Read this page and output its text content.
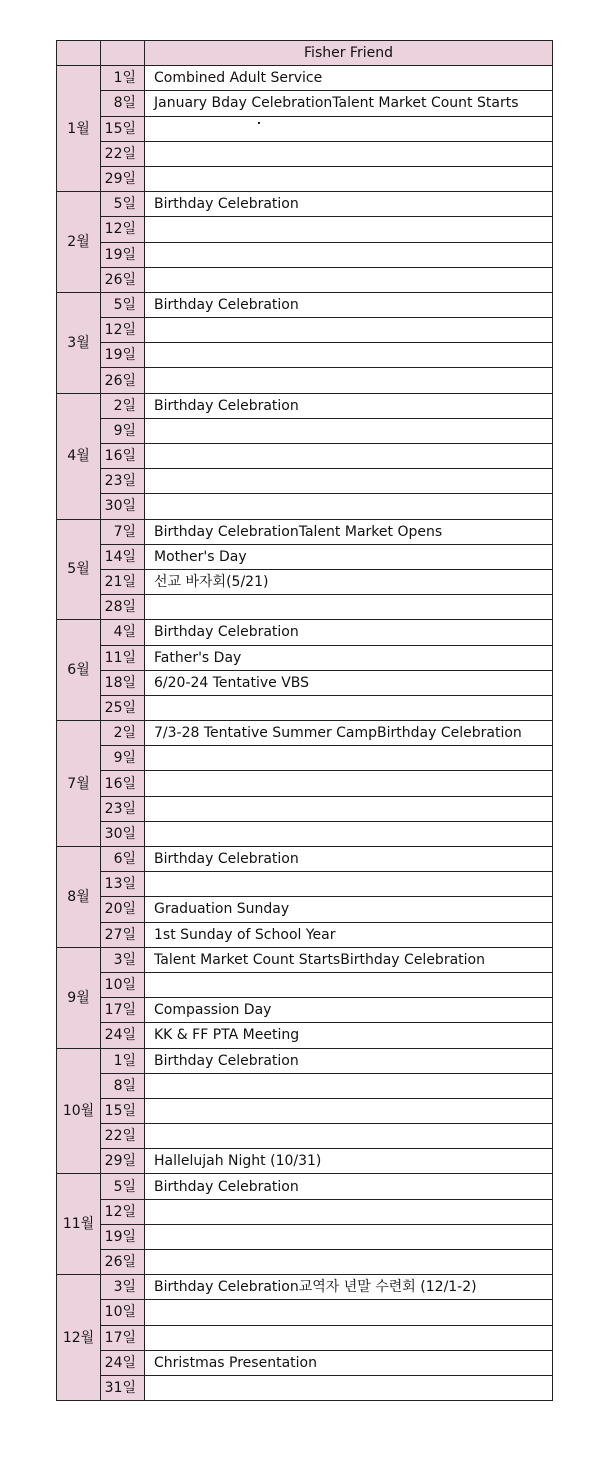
		Fisher Friend
1월	1일	Combined Adult Service
	8일	January Bday CelebrationTalent Market Count Starts
	15일	
	22일	
	29일	
2월	5일	Birthday Celebration
	12일	
	19일	
	26일	
3월	5일	Birthday Celebration
	12일	
	19일	
	26일	
4월	2일	Birthday Celebration
	9일	
	16일	
	23일	
	30일	
5월	7일	Birthday CelebrationTalent Market Opens
	14일	Mother's Day
	21일	선교 바자회(5/21)
	28일	
6월	4일	Birthday Celebration
	11일	Father's Day
	18일	6/20-24 Tentative VBS
	25일	
7월	2일	7/3-28 Tentative Summer CampBirthday Celebration
	9일	
	16일	
	23일	
	30일	
8월	6일	Birthday Celebration
	13일	
	20일	Graduation Sunday
	27일	1st Sunday of School Year
9월	3일	Talent Market Count StartsBirthday Celebration
	10일	
	17일	Compassion Day
	24일	KK & FF PTA Meeting
10월	1일	Birthday Celebration
	8일	
	15일	
	22일	
	29일	Hallelujah Night (10/31)
11월	5일	Birthday Celebration
	12일	
	19일	
	26일	
12월	3일	Birthday Celebration교역자 년말 수련회 (12/1-2)
	10일	
	17일	
	24일	Christmas Presentation
	31일	
